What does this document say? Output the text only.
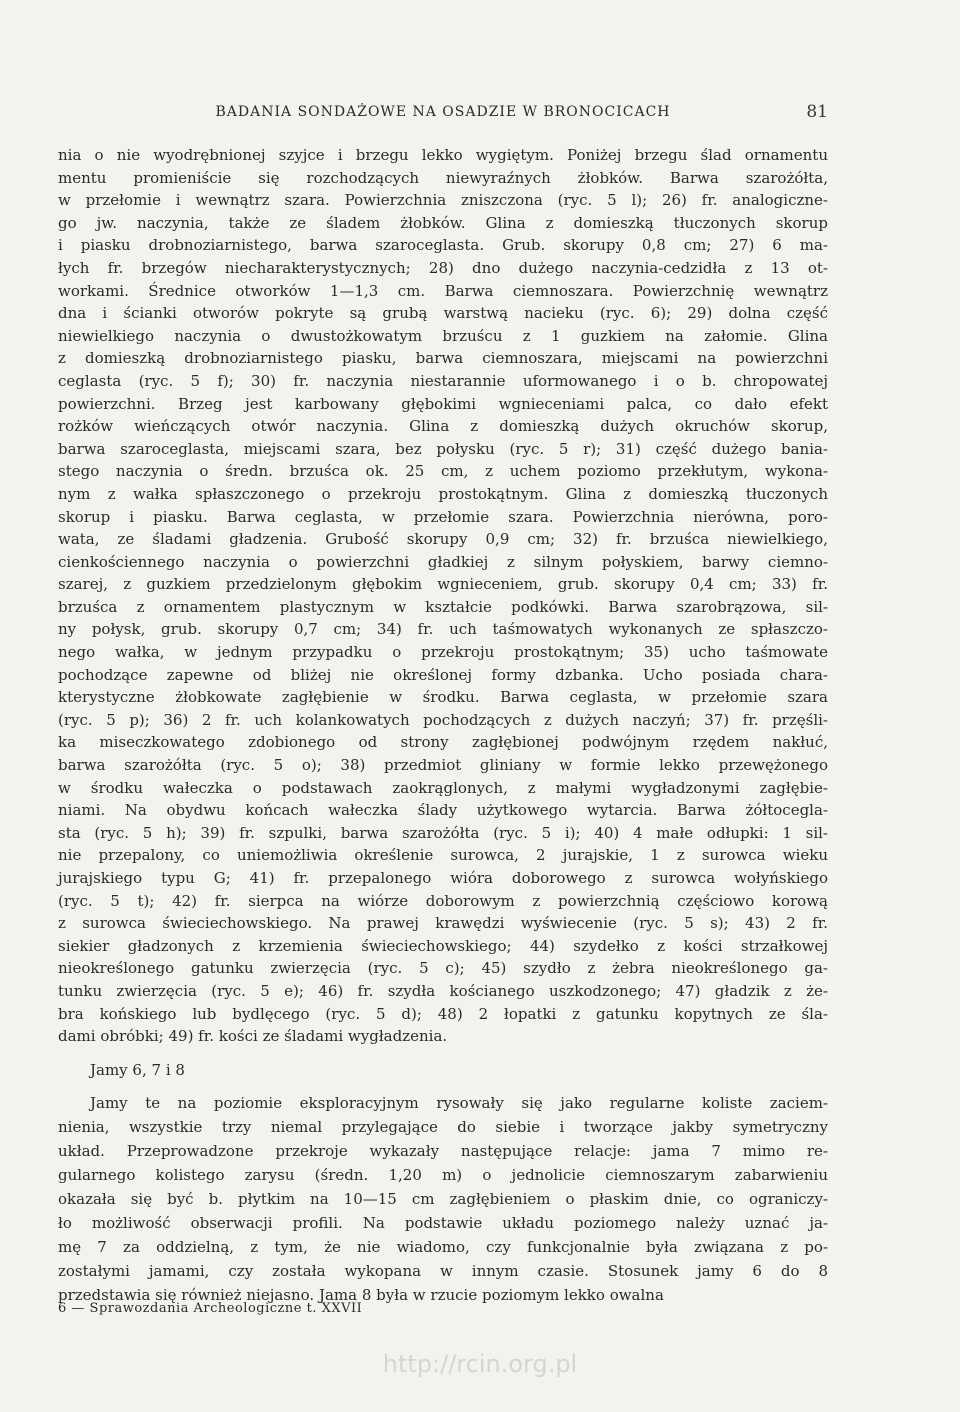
BADANIA SONDAŻOWE NA OSADZIE W BRONOCICACH	81
nia o nie wyodrębnionej szyjce i brzegu lekko wygiętym. Poniżej brzegu ślad ornamentu
mentu promieniście się rozchodzących niewyraźnych żłobków. Barwa szarożółta,
w przełomie i wewnątrz szara. Powierzchnia zniszczona (ryc. 5 l); 26) fr. analogiczne-
go jw. naczynia, także ze śladem żłobków. Glina z domieszką tłuczonych skorup
i piasku drobnoziarnistego, barwa szaroceglasta. Grub. skorupy 0,8 cm; 27) 6 ma-
łych fr. brzegów niecharakterystycznych; 28) dno dużego naczynia-cedzidła z 13 ot-
workami. Średnice otworków 1—1,3 cm. Barwa ciemnoszara. Powierzchnię wewnątrz
dna i ścianki otworów pokryte są grubą warstwą nacieku (ryc. 6); 29) dolna część
niewielkiego naczynia o dwustożkowatym brzuścu z 1 guzkiem na załomie. Glina
z domieszką drobnoziarnistego piasku, barwa ciemnoszara, miejscami na powierzchni
ceglasta (ryc. 5 f); 30) fr. naczynia niestarannie uformowanego i o b. chropowatej
powierzchni. Brzeg jest karbowany głębokimi wgnieceniami palca, co dało efekt
rożków wieńczących otwór naczynia. Glina z domieszką dużych okruchów skorup,
barwa szaroceglasta, miejscami szara, bez połysku (ryc. 5 r); 31) część dużego bania-
stego naczynia o średn. brzuśca ok. 25 cm, z uchem poziomo przekłutym, wykona-
nym z wałka spłaszczonego o przekroju prostokątnym. Glina z domieszką tłuczonych
skorup i piasku. Barwa ceglasta, w przełomie szara. Powierzchnia nierówna, poro-
wata, ze śladami gładzenia. Grubość skorupy 0,9 cm; 32) fr. brzuśca niewielkiego,
cienkościennego naczynia o powierzchni gładkiej z silnym połyskiem, barwy ciemno-
szarej, z guzkiem przedzielonym głębokim wgnieceniem, grub. skorupy 0,4 cm; 33) fr.
brzuśca z ornamentem plastycznym w kształcie podkówki. Barwa szarobrązowa, sil-
ny połysk, grub. skorupy 0,7 cm; 34) fr. uch taśmowatych wykonanych ze spłaszczo-
nego wałka, w jednym przypadku o przekroju prostokątnym; 35) ucho taśmowate
pochodzące zapewne od bliżej nie określonej formy dzbanka. Ucho posiada chara-
kterystyczne żłobkowate zagłębienie w środku. Barwa ceglasta, w przełomie szara
(ryc. 5 p); 36) 2 fr. uch kolankowatych pochodzących z dużych naczyń; 37) fr. przęśli-
ka miseczkowatego zdobionego od strony zagłębionej podwójnym rzędem nakłuć,
barwa szarożółta (ryc. 5 o); 38) przedmiot gliniany w formie lekko przewężonego
w środku wałeczka o podstawach zaokrąglonych, z małymi wygładzonymi zagłębie-
niami. Na obydwu końcach wałeczka ślady użytkowego wytarcia. Barwa żółtocegla-
sta (ryc. 5 h); 39) fr. szpulki, barwa szarożółta (ryc. 5 i); 40) 4 małe odłupki: 1 sil-
nie przepalony, co uniemożliwia określenie surowca, 2 jurajskie, 1 z surowca wieku
jurajskiego typu G; 41) fr. przepalonego wióra doborowego z surowca wołyńskiego
(ryc. 5 t); 42) fr. sierpca na wiórze doborowym z powierzchnią częściowo korową
z surowca świeciechowskiego. Na prawej krawędzi wyświecenie (ryc. 5 s); 43) 2 fr.
siekier gładzonych z krzemienia świeciechowskiego; 44) szydełko z kości strzałkowej
nieokreślonego gatunku zwierzęcia (ryc. 5 c); 45) szydło z żebra nieokreślonego ga-
tunku zwierzęcia (ryc. 5 e); 46) fr. szydła kościanego uszkodzonego; 47) gładzik z że-
bra końskiego lub bydlęcego (ryc. 5 d); 48) 2 łopatki z gatunku kopytnych ze śla-
dami obróbki; 49) fr. kości ze śladami wygładzenia.
Jamy 6, 7 i 8
Jamy te na poziomie eksploracyjnym rysowały się jako regularne koliste zaciem-
nienia, wszystkie trzy niemal przylegające do siebie i tworzące jakby symetryczny
układ. Przeprowadzone przekroje wykazały następujące relacje: jama 7 mimo re-
gularnego kolistego zarysu (średn. 1,20 m) o jednolicie ciemnoszarym zabarwieniu
okazała się być b. płytkim na 10—15 cm zagłębieniem o płaskim dnie, co ograniczy-
ło możliwość obserwacji profili. Na podstawie układu poziomego należy uznać ja-
mę 7 za oddzielną, z tym, że nie wiadomo, czy funkcjonalnie była związana z po-
zostałymi jamami, czy została wykopana w innym czasie. Stosunek jamy 6 do 8
przedstawia się również niejasno. Jama 8 była w rzucie poziomym lekko owalna
6 — Sprawozdania Archeologiczne t. XXVII
http://rcin.org.pl
